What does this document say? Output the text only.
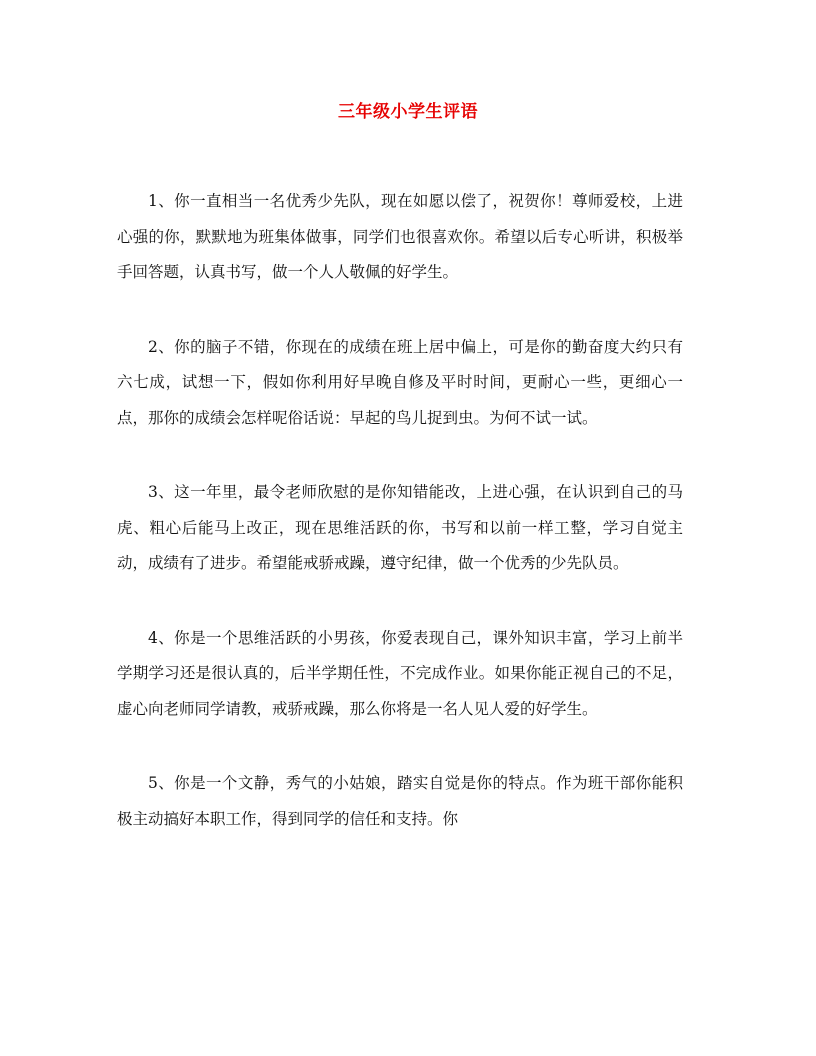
三年级小学生评语

1、你一直相当一名优秀少先队，现在如愿以偿了，祝贺你！尊师爱校，上进心强的你，默默地为班集体做事，同学们也很喜欢你。希望以后专心听讲，积极举手回答题，认真书写，做一个人人敬佩的好学生。

2、你的脑子不错，你现在的成绩在班上居中偏上，可是你的勤奋度大约只有六七成，试想一下，假如你利用好早晚自修及平时时间，更耐心一些，更细心一点，那你的成绩会怎样呢俗话说：早起的鸟儿捉到虫。为何不试一试。

3、这一年里，最令老师欣慰的是你知错能改，上进心强，在认识到自己的马虎、粗心后能马上改正，现在思维活跃的你，书写和以前一样工整，学习自觉主动，成绩有了进步。希望能戒骄戒躁，遵守纪律，做一个优秀的少先队员。

4、你是一个思维活跃的小男孩，你爱表现自己，课外知识丰富，学习上前半学期学习还是很认真的，后半学期任性，不完成作业。如果你能正视自己的不足，虚心向老师同学请教，戒骄戒躁，那么你将是一名人见人爱的好学生。

5、你是一个文静，秀气的小姑娘，踏实自觉是你的特点。作为班干部你能积极主动搞好本职工作，得到同学的信任和支持。你
